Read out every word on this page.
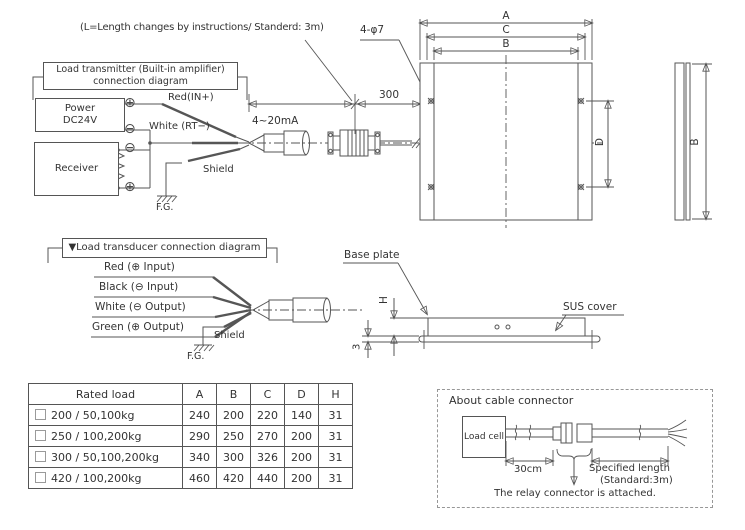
(L=Length changes by instructions/ Standerd: 3m)
Load transmitter (Built-in amplifier)
connection diagram
Power
DC24V
Receiver
⊕
⊖
⊖
⊕
Red(IN+)
White (RT−)	4~20mA
Shield
F.G.
300
4-φ7
A
C
B
D	B
▼Load transducer connection diagram
Red (⊕ Input)
Black (⊖ Input)
White (⊖ Output)
Green (⊕ Output)
Shield
F.G.
Base plate
SUS cover
H
3
Rated load	A	B	C	D	H
200 / 50,100kg	240	200	220	140	31
250 / 100,200kg	290	250	270	200	31
300 / 50,100,200kg	340	300	326	200	31
420 / 100,200kg	460	420	440	200	31
About cable connector
Load cell
30cm	Specified length
(Standard:3m)
The relay connector is attached.
